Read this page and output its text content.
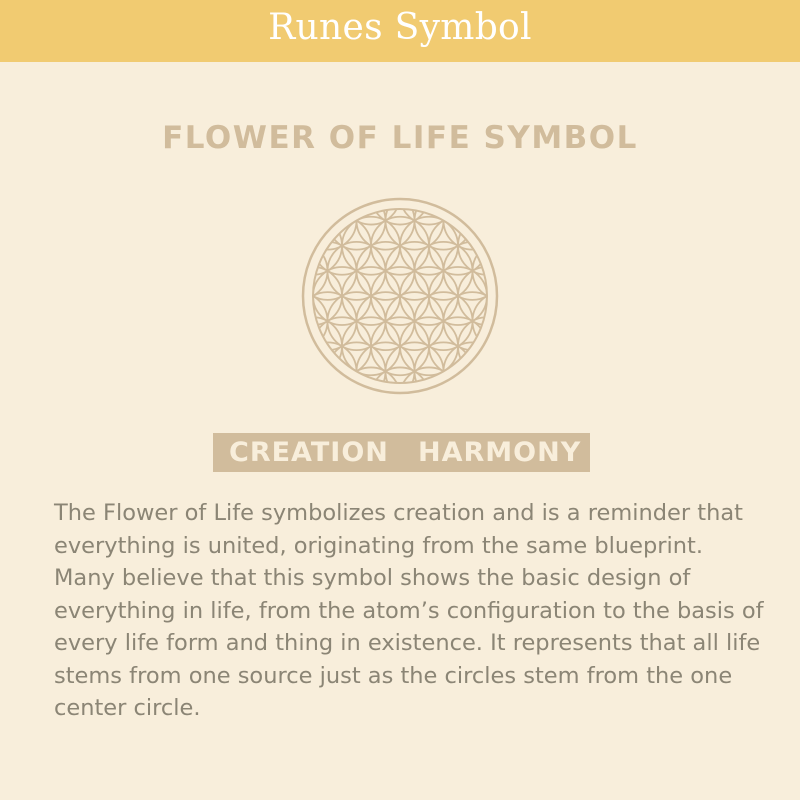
Runes Symbol
FLOWER OF LIFE SYMBOL
CREATION HARMONY

The Flower of Life symbolizes creation and is a reminder that everything is united, originating from the same blueprint. Many believe that this symbol shows the basic design of everything in life, from the atom’s configuration to the basis of every life form and thing in existence. It represents that all life stems from one source just as the circles stem from the one center circle.
